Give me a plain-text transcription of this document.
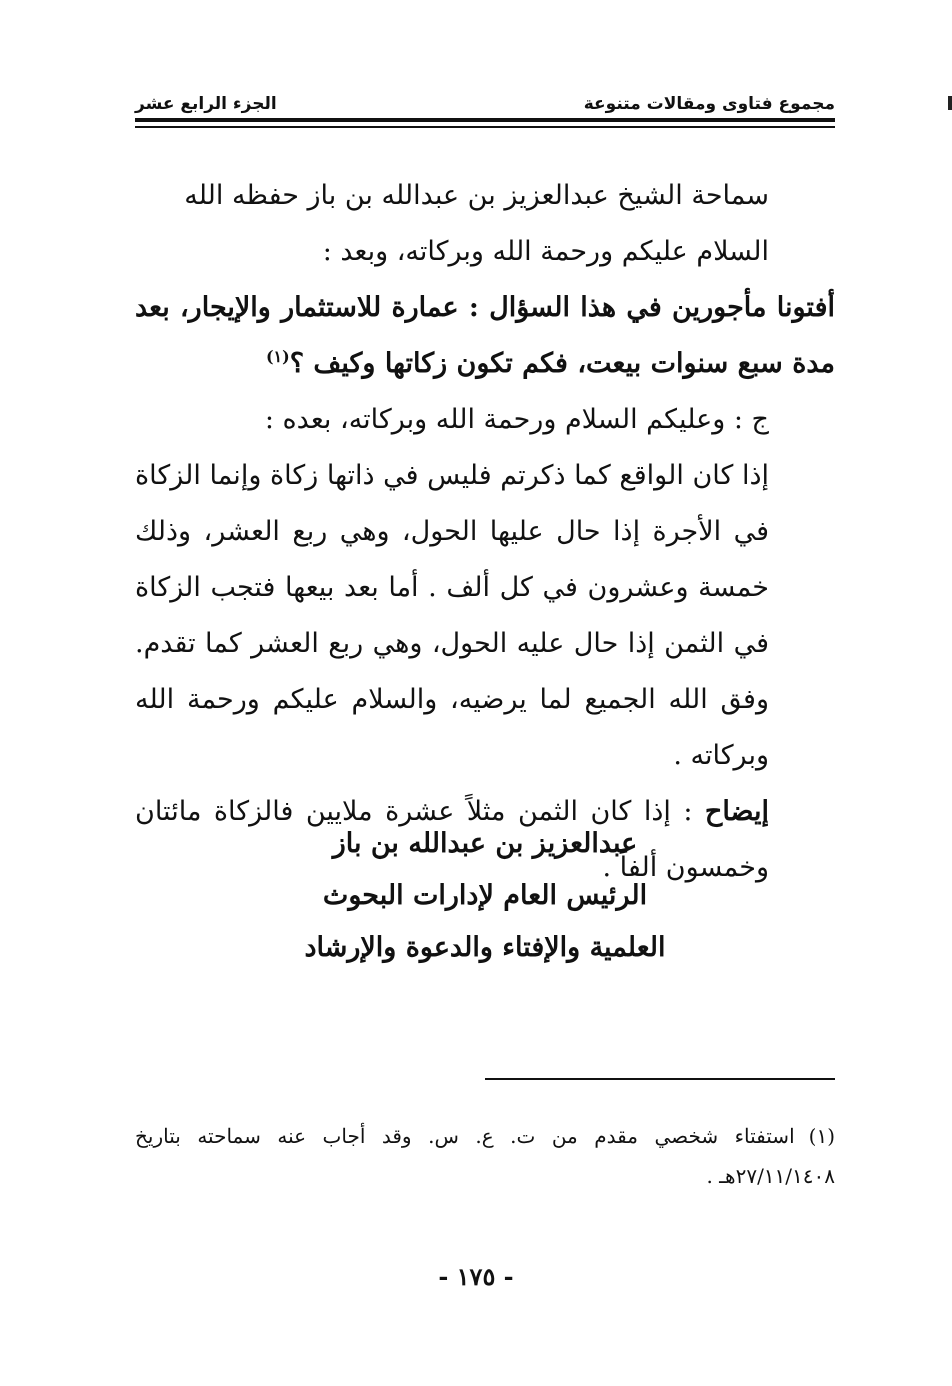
مجموع فتاوى ومقالات متنوعة
الجزء الرابع عشر

سماحة الشيخ عبدالعزيز بن عبدالله بن باز حفظه الله

السلام عليكم ورحمة الله وبركاته، وبعد :

أفتونا مأجورين في هذا السؤال : عمارة للاستثمار والإيجار، بعد مدة سبع سنوات بيعت، فكم تكون زكاتها وكيف ؟$^{(١)}$

ج : وعليكم السلام ورحمة الله وبركاته، بعده :

إذا كان الواقع كما ذكرتم فليس في ذاتها زكاة وإنما الزكاة في الأجرة إذا حال عليها الحول، وهي ربع العشر، وذلك خمسة وعشرون في كل ألف . أما بعد بيعها فتجب الزكاة في الثمن إذا حال عليه الحول، وهي ربع العشر كما تقدم. وفق الله الجميع لما يرضيه، والسلام عليكم ورحمة الله وبركاته .

إيضاح : إذا كان الثمن مثلاً عشرة ملايين فالزكاة مائتان وخمسون ألفاً .

عبدالعزيز بن عبدالله بن باز
الرئيس العام لإدارات البحوث
العلمية والإفتاء والدعوة والإرشاد
(١)استفتاء شخصي مقدم من ت. ع. س. وقد أجاب عنه سماحته بتاريخ ٢٧/١١/١٤٠٨هـ .
- ١٧٥ -
